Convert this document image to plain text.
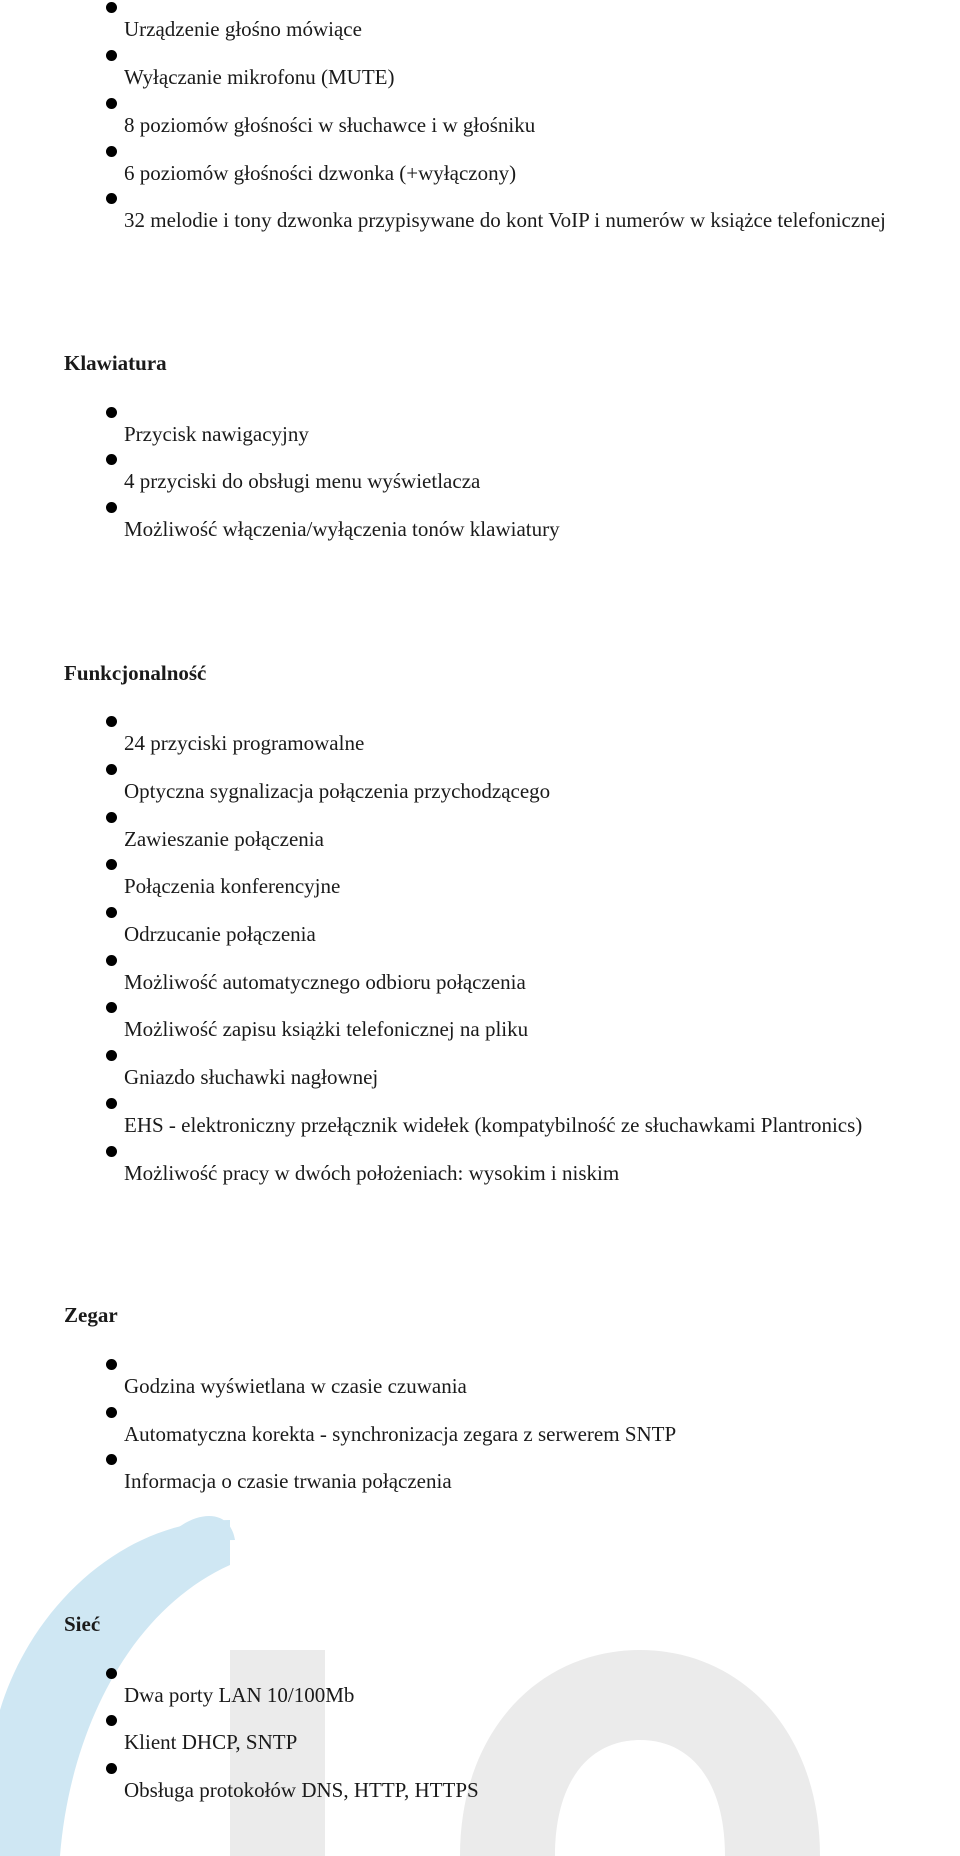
Urządzenie głośno mówiące
Wyłączanie mikrofonu (MUTE)
8 poziomów głośności w słuchawce i w głośniku
6 poziomów głośności dzwonka (+wyłączony)
32 melodie i tony dzwonka przypisywane do kont VoIP i numerów w książce telefonicznej
Klawiatura
Przycisk nawigacyjny
4 przyciski do obsługi menu wyświetlacza
Możliwość włączenia/wyłączenia tonów klawiatury
Funkcjonalność
24 przyciski programowalne
Optyczna sygnalizacja połączenia przychodzącego
Zawieszanie połączenia
Połączenia konferencyjne
Odrzucanie połączenia
Możliwość automatycznego odbioru połączenia
Możliwość zapisu książki telefonicznej na pliku
Gniazdo słuchawki nagłownej
EHS - elektroniczny przełącznik widełek (kompatybilność ze słuchawkami Plantronics)
Możliwość pracy w dwóch położeniach: wysokim i niskim
Zegar
Godzina wyświetlana w czasie czuwania
Automatyczna korekta - synchronizacja zegara z serwerem SNTP
Informacja o czasie trwania połączenia
Sieć
Dwa porty LAN 10/100Mb
Klient DHCP, SNTP
Obsługa protokołów DNS, HTTP, HTTPS
